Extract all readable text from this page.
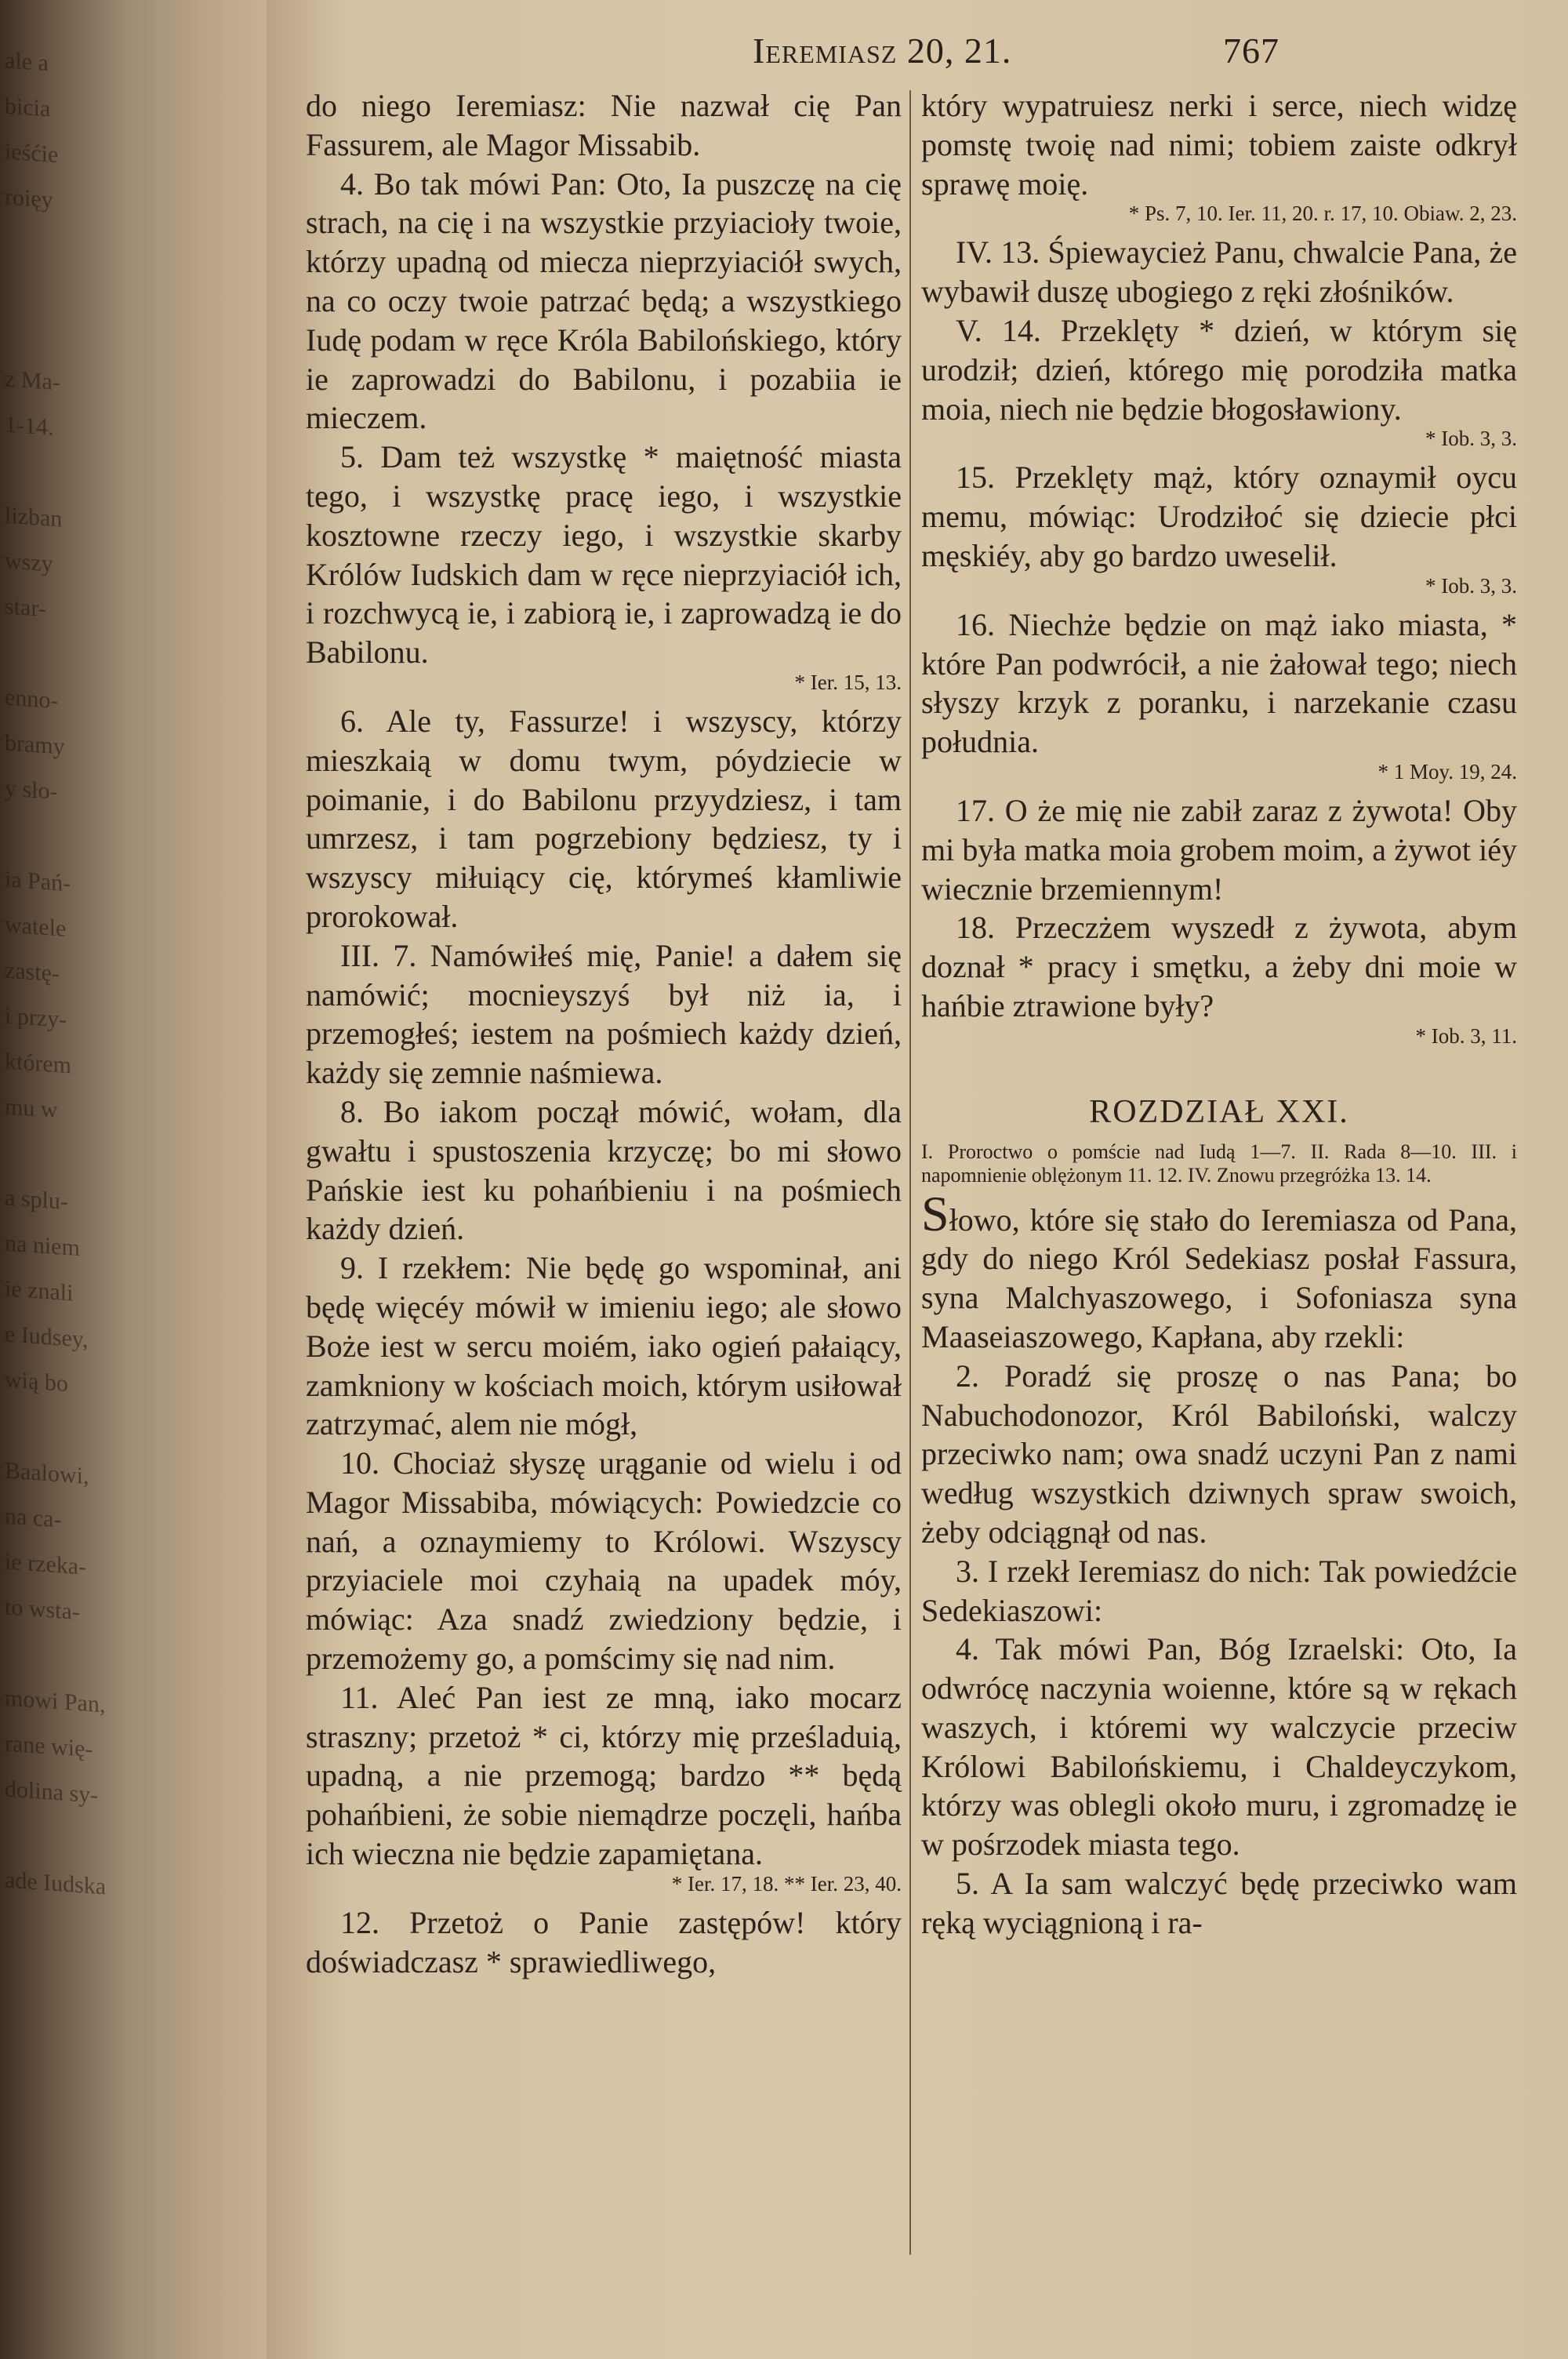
ale a
bicia
ieśćie
roięy

z Ma-
1-14.

lizban
wszy
star-

enno-
bramy
y sło-

ia Pań-
watele
zastę-
i przy-
którem
mu w

a splu-
na niem
ie znali
e Iudsey,
wią bo

Baalowi,
na ca-
ie rzeka-
to wsta-

mowi Pan,
rane wię-
dolina sy-

ade Iudska
Ieremiasz 20, 21.	767

do niego Ieremiasz: Nie nazwał cię Pan Fassurem, ale Magor Missabib.

4. Bo tak mówi Pan: Oto, Ia puszczę na cię strach, na cię i na wszystkie przyiacioły twoie, którzy upadną od miecza nieprzyiaciół swych, na co oczy twoie patrzać będą; a wszystkiego Iudę podam w ręce Króla Babilońskiego, który ie zaprowadzi do Babilonu, i pozabiia ie mieczem.

5. Dam też wszystkę * maiętność miasta tego, i wszystkę pracę iego, i wszystkie kosztowne rzeczy iego, i wszystkie skarby Królów Iudskich dam w ręce nieprzyiaciół ich, i rozchwycą ie, i zabiorą ie, i zaprowadzą ie do Babilonu.

* Ier. 15, 13.

6. Ale ty, Fassurze! i wszyscy, którzy mieszkaią w domu twym, póydziecie w poimanie, i do Babilonu przyydziesz, i tam umrzesz, i tam pogrzebiony będziesz, ty i wszyscy miłuiący cię, którymeś kłamliwie prorokował.

III. 7. Namówiłeś mię, Panie! a dałem się namówić; mocnieyszyś był niż ia, i przemogłeś; iestem na pośmiech każdy dzień, każdy się zemnie naśmiewa.

8. Bo iakom począł mówić, wołam, dla gwałtu i spustoszenia krzyczę; bo mi słowo Pańskie iest ku pohańbieniu i na pośmiech każdy dzień.

9. I rzekłem: Nie będę go wspominał, ani będę więcéy mówił w imieniu iego; ale słowo Boże iest w sercu moiém, iako ogień pałaiący, zamkniony w kościach moich, którym usiłował zatrzymać, alem nie mógł,

10. Chociaż słyszę urąganie od wielu i od Magor Missabiba, mówiących: Powiedzcie co nań, a oznaymiemy to Królowi. Wszyscy przyiaciele moi czyhaią na upadek móy, mówiąc: Aza snadź zwiedziony będzie, i przemożemy go, a pomścimy się nad nim.

11. Aleć Pan iest ze mną, iako mocarz straszny; przetoż * ci, którzy mię prześladuią, upadną, a nie przemogą; bardzo ** będą pohańbieni, że sobie niemądrze poczęli, hańba ich wieczna nie będzie zapamiętana.

* Ier. 17, 18. ** Ier. 23, 40.

12. Przetoż o Panie zastępów! który doświadczasz * sprawiedliwego,

który wypatruiesz nerki i serce, niech widzę pomstę twoię nad nimi; tobiem zaiste odkrył sprawę moię.

* Ps. 7, 10. Ier. 11, 20. r. 17, 10. Obiaw. 2, 23.

IV. 13. Śpiewaycież Panu, chwalcie Pana, że wybawił duszę ubogiego z ręki złośników.

V. 14. Przeklęty * dzień, w którym się urodził; dzień, którego mię porodziła matka moia, niech nie będzie błogosławiony.

* Iob. 3, 3.

15. Przeklęty mąż, który oznaymił oycu memu, mówiąc: Urodziłoć się dziecie płci męskiéy, aby go bardzo uweselił.

* Iob. 3, 3.

16. Niechże będzie on mąż iako miasta, * które Pan podwrócił, a nie żałował tego; niech słyszy krzyk z poranku, i narzekanie czasu południa.

* 1 Moy. 19, 24.

17. O że mię nie zabił zaraz z żywota! Oby mi była matka moia grobem moim, a żywot iéy wiecznie brzemiennym!

18. Przeczżem wyszedł z żywota, abym doznał * pracy i smętku, a żeby dni moie w hańbie ztrawione były?

* Iob. 3, 11.
ROZDZIAŁ XXI.
I. Proroctwo o pomście nad Iudą 1—7. II. Rada 8—10. III. i napomnienie oblężonym 11. 12. IV. Znowu przegróżka 13. 14.

Słowo, które się stało do Ieremiasza od Pana, gdy do niego Król Sedekiasz posłał Fassura, syna Malchyaszowego, i Sofoniasza syna Maaseiaszowego, Kapłana, aby rzekli:

2. Poradź się proszę o nas Pana; bo Nabuchodonozor, Król Babiloński, walczy przeciwko nam; owa snadź uczyni Pan z nami według wszystkich dziwnych spraw swoich, żeby odciągnął od nas.

3. I rzekł Ieremiasz do nich: Tak powiedźcie Sedekiaszowi:

4. Tak mówi Pan, Bóg Izraelski: Oto, Ia odwrócę naczynia woienne, które są w rękach waszych, i któremi wy walczycie przeciw Królowi Babilońskiemu, i Chaldeyczykom, którzy was oblegli około muru, i zgromadzę ie w pośrzodek miasta tego.

5. A Ia sam walczyć będę przeciwko wam ręką wyciągnioną i ra-
